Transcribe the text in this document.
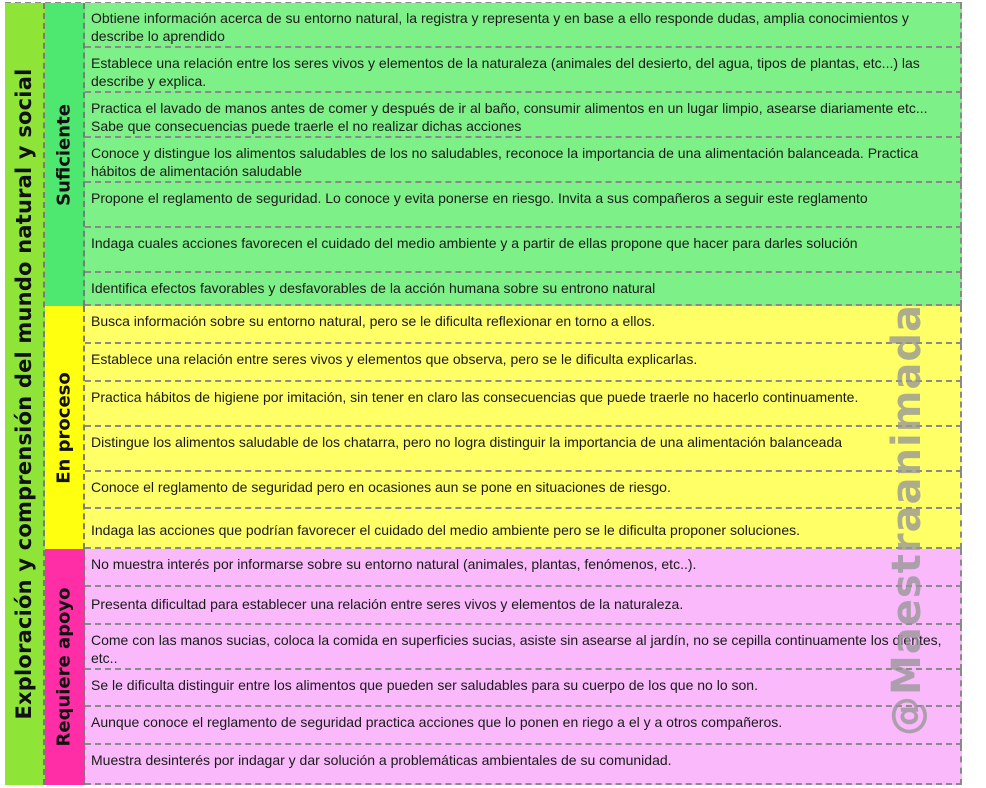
Exploración y comprensión del mundo natural y social Suficiente
En proceso
Requiere apoyo
Obtiene información acerca de su entorno natural, la registra y representa y en base a ello responde dudas, amplia conocimientos y describe lo aprendido
Establece una relación entre los seres vivos y elementos de la naturaleza (animales del desierto, del agua, tipos de plantas, etc...) las describe y explica.
Practica el lavado de manos antes de comer y después de ir al baño, consumir alimentos en un lugar limpio, asearse diariamente etc... Sabe que consecuencias puede traerle el no realizar dichas acciones
Conoce y distingue los alimentos saludables de los no saludables, reconoce la importancia de una alimentación balanceada. Practica hábitos de alimentación saludable
Propone el reglamento de seguridad. Lo conoce y evita ponerse en riesgo. Invita a sus compañeros a seguir este reglamento
Indaga cuales acciones favorecen el cuidado del medio ambiente y a partir de ellas propone que hacer para darles solución
Identifica efectos favorables y desfavorables de la acción humana sobre su entrono natural
Busca información sobre su entorno natural, pero se le dificulta reflexionar en torno a ellos.
Establece una relación entre seres vivos y elementos que observa, pero se le dificulta explicarlas.
Practica hábitos de higiene por imitación, sin tener en claro las consecuencias que puede traerle no hacerlo continuamente.
Distingue los alimentos saludable de los chatarra, pero no logra distinguir la importancia de una alimentación balanceada
Conoce el reglamento de seguridad pero en ocasiones aun se pone en situaciones de riesgo.
Indaga las acciones que podrían favorecer el cuidado del medio ambiente pero se le dificulta proponer soluciones.
No muestra interés por informarse sobre su entorno natural (animales, plantas, fenómenos, etc..).
Presenta dificultad para establecer una relación entre seres vivos y elementos de la naturaleza.
Come con las manos sucias, coloca la comida en superficies sucias, asiste sin asearse al jardín, no se cepilla continuamente los dientes, etc..
Se le dificulta distinguir entre los alimentos que pueden ser saludables para su cuerpo de los que no lo son.
Aunque conoce el reglamento de seguridad practica acciones que lo ponen en riego a el y a otros compañeros.
Muestra desinterés por indagar y dar solución a problemáticas ambientales de su comunidad.
@Maestraanimada
